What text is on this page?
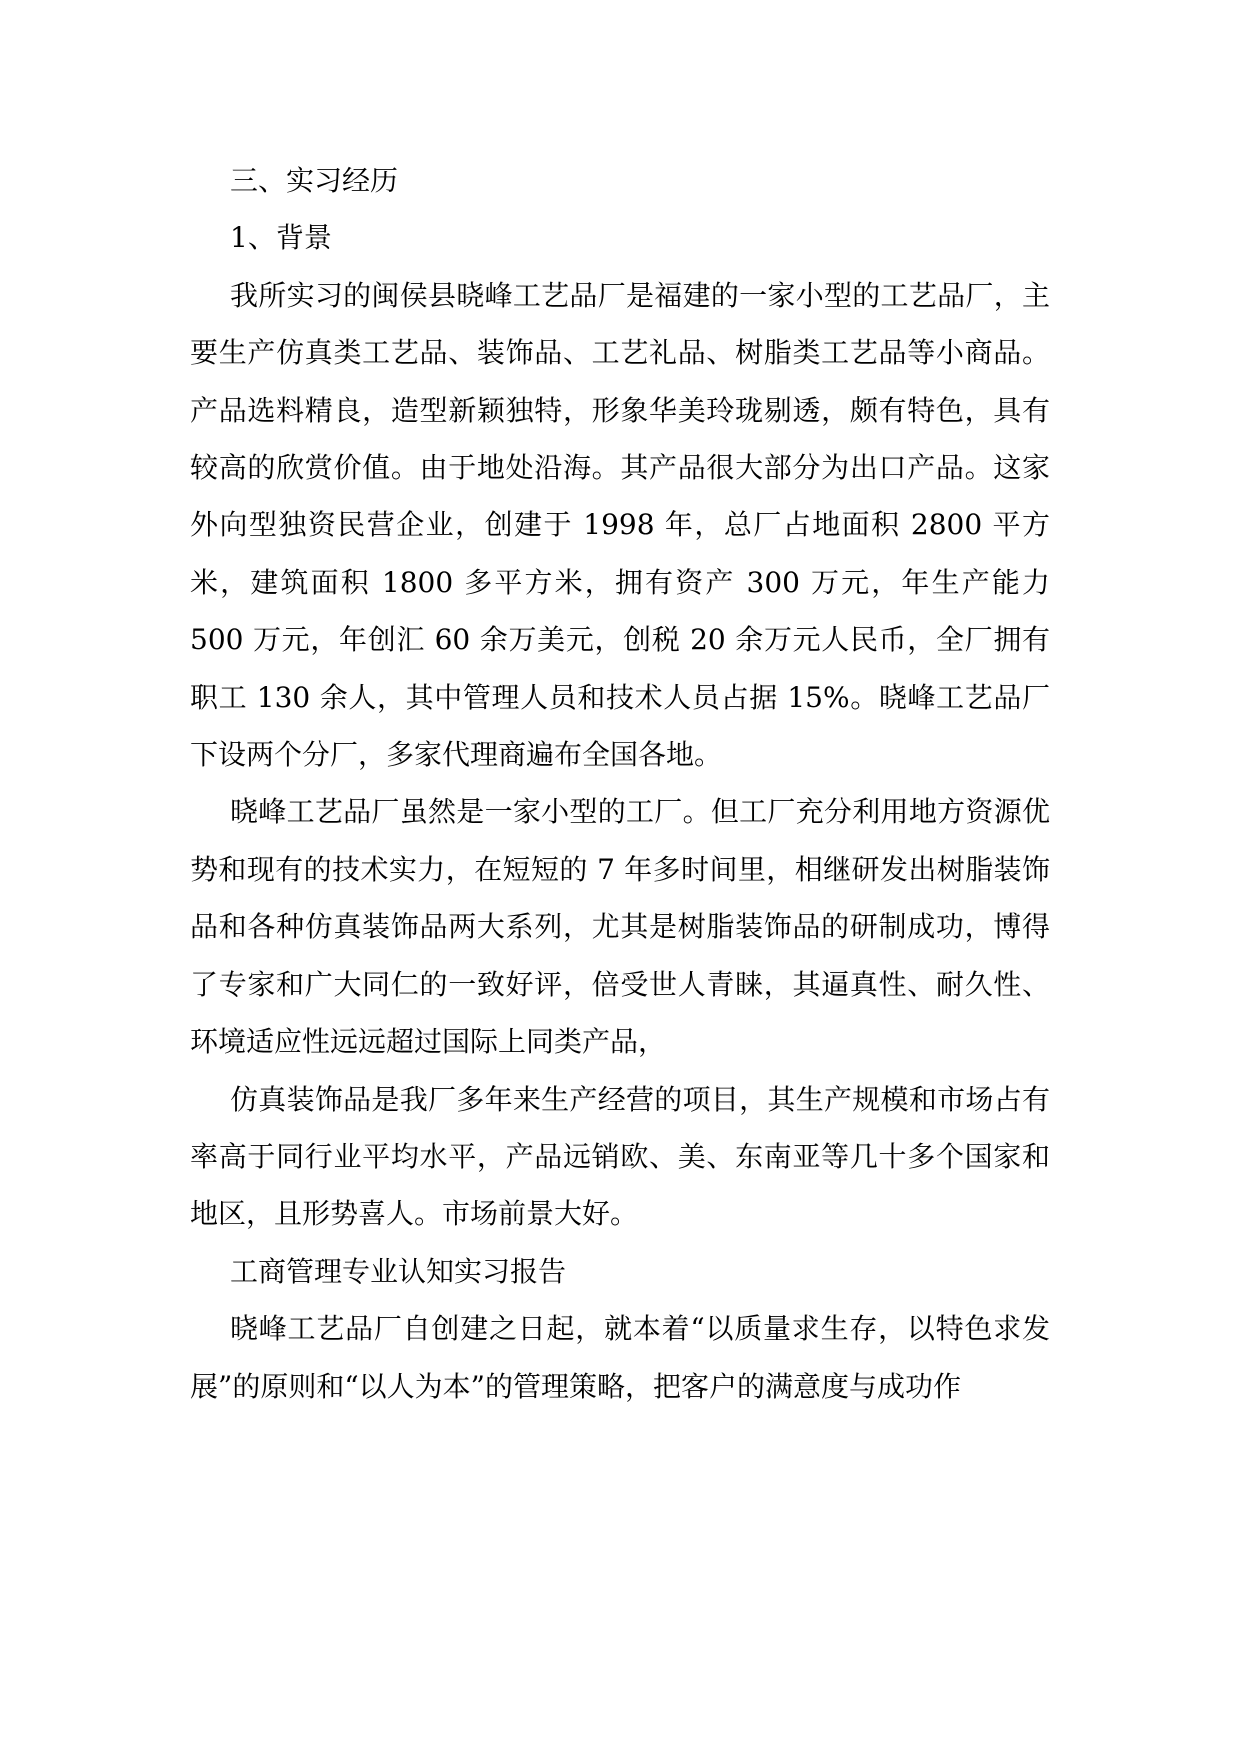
三、实习经历

1、背景

我所实习的闽侯县晓峰工艺品厂是福建的一家小型的工艺品厂，主要生产仿真类工艺品、装饰品、工艺礼品、树脂类工艺品等小商品。产品选料精良，造型新颖独特，形象华美玲珑剔透，颇有特色，具有较高的欣赏价值。由于地处沿海。其产品很大部分为出口产品。这家外向型独资民营企业，创建于 1998 年，总厂占地面积 2800 平方米，建筑面积 1800 多平方米，拥有资产 300 万元，年生产能力 500 万元，年创汇 60 余万美元，创税 20 余万元人民币，全厂拥有职工 130 余人，其中管理人员和技术人员占据 15%。晓峰工艺品厂下设两个分厂，多家代理商遍布全国各地。

晓峰工艺品厂虽然是一家小型的工厂。但工厂充分利用地方资源优势和现有的技术实力，在短短的 7 年多时间里，相继研发出树脂装饰品和各种仿真装饰品两大系列，尤其是树脂装饰品的研制成功，博得了专家和广大同仁的一致好评，倍受世人青睐，其逼真性、耐久性、环境适应性远远超过国际上同类产品，

仿真装饰品是我厂多年来生产经营的项目，其生产规模和市场占有率高于同行业平均水平，产品远销欧、美、东南亚等几十多个国家和地区，且形势喜人。市场前景大好。

工商管理专业认知实习报告

晓峰工艺品厂自创建之日起，就本着“以质量求生存，以特色求发展”的原则和“以人为本”的管理策略，把客户的满意度与成功作
